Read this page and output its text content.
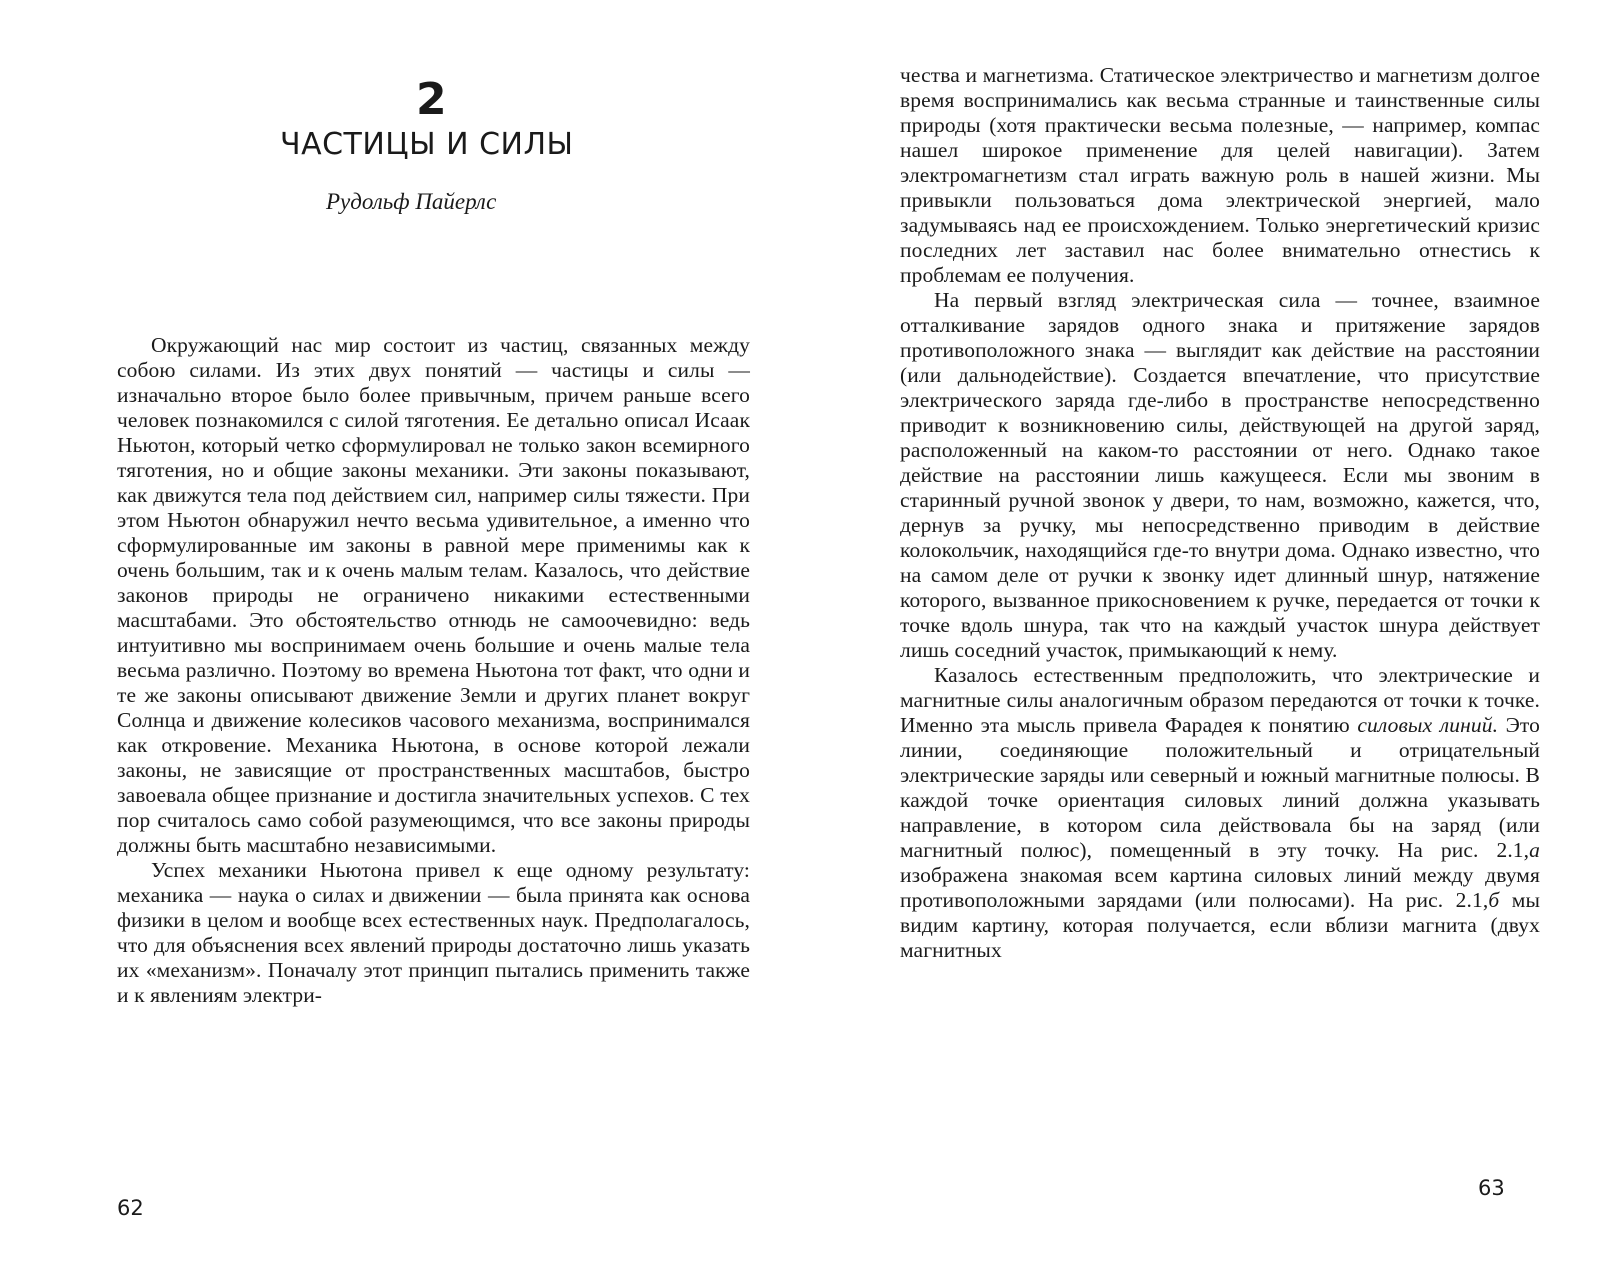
2
ЧАСТИЦЫ И СИЛЫ
Рудольф Пайерлс

Окружающий нас мир состоит из частиц, связанных между собою силами. Из этих двух понятий — частицы и силы — изначально второе было более привычным, причем раньше всего человек познакомился с силой тяготения. Ее детально описал Исаак Ньютон, который четко сформулировал не только закон всемирного тяготения, но и общие законы механики. Эти законы показывают, как движутся тела под действием сил, например силы тяжести. При этом Ньютон обнаружил нечто весьма удивительное, а именно что сформулированные им законы в равной мере применимы как к очень большим, так и к очень малым телам. Казалось, что действие законов природы не ограничено никакими естественными масштабами. Это обстоятельство отнюдь не самоочевидно: ведь интуитивно мы воспринимаем очень большие и очень малые тела весьма различно. Поэтому во времена Ньютона тот факт, что одни и те же законы описывают движение Земли и других планет вокруг Солнца и движение колесиков часового механизма, воспринимался как откровение. Механика Ньютона, в основе которой лежали законы, не зависящие от пространственных масштабов, быстро завоевала общее признание и достигла значительных успехов. С тех пор считалось само собой разумеющимся, что все законы природы должны быть масштабно независимыми.

Успех механики Ньютона привел к еще одному результату: механика — наука о силах и движении — была принята как основа физики в целом и вообще всех естественных наук. Предполагалось, что для объяснения всех явлений природы достаточно лишь указать их «механизм». Поначалу этот принцип пытались применить также и к явлениям электри-

62

чества и магнетизма. Статическое электричество и магнетизм долгое время воспринимались как весьма странные и таинственные силы природы (хотя практически весьма полезные, — например, компас нашел широкое применение для целей навигации). Затем электромагнетизм стал играть важную роль в нашей жизни. Мы привыкли пользоваться дома электрической энергией, мало задумываясь над ее происхождением. Только энергетический кризис последних лет заставил нас более внимательно отнестись к проблемам ее получения.

На первый взгляд электрическая сила — точнее, взаимное отталкивание зарядов одного знака и притяжение зарядов противоположного знака — выглядит как действие на расстоянии (или дальнодействие). Создается впечатление, что присутствие электрического заряда где-либо в пространстве непосредственно приводит к возникновению силы, действующей на другой заряд, расположенный на каком-то расстоянии от него. Однако такое действие на расстоянии лишь кажущееся. Если мы звоним в старинный ручной звонок у двери, то нам, возможно, кажется, что, дернув за ручку, мы непосредственно приводим в действие колокольчик, находящийся где-то внутри дома. Однако известно, что на самом деле от ручки к звонку идет длинный шнур, натяжение которого, вызванное прикосновением к ручке, передается от точки к точке вдоль шнура, так что на каждый участок шнура действует лишь соседний участок, примыкающий к нему.

Казалось естественным предположить, что электрические и магнитные силы аналогичным образом передаются от точки к точке. Именно эта мысль привела Фарадея к понятию силовых линий. Это линии, соединяющие положительный и отрицательный электрические заряды или северный и южный магнитные полюсы. В каждой точке ориентация силовых линий должна указывать направление, в котором сила действовала бы на заряд (или магнитный полюс), помещенный в эту точку. На рис. 2.1,а изображена знакомая всем картина силовых линий между двумя противоположными зарядами (или полюсами). На рис. 2.1,б мы видим картину, которая получается, если вблизи магнита (двух магнитных

63
